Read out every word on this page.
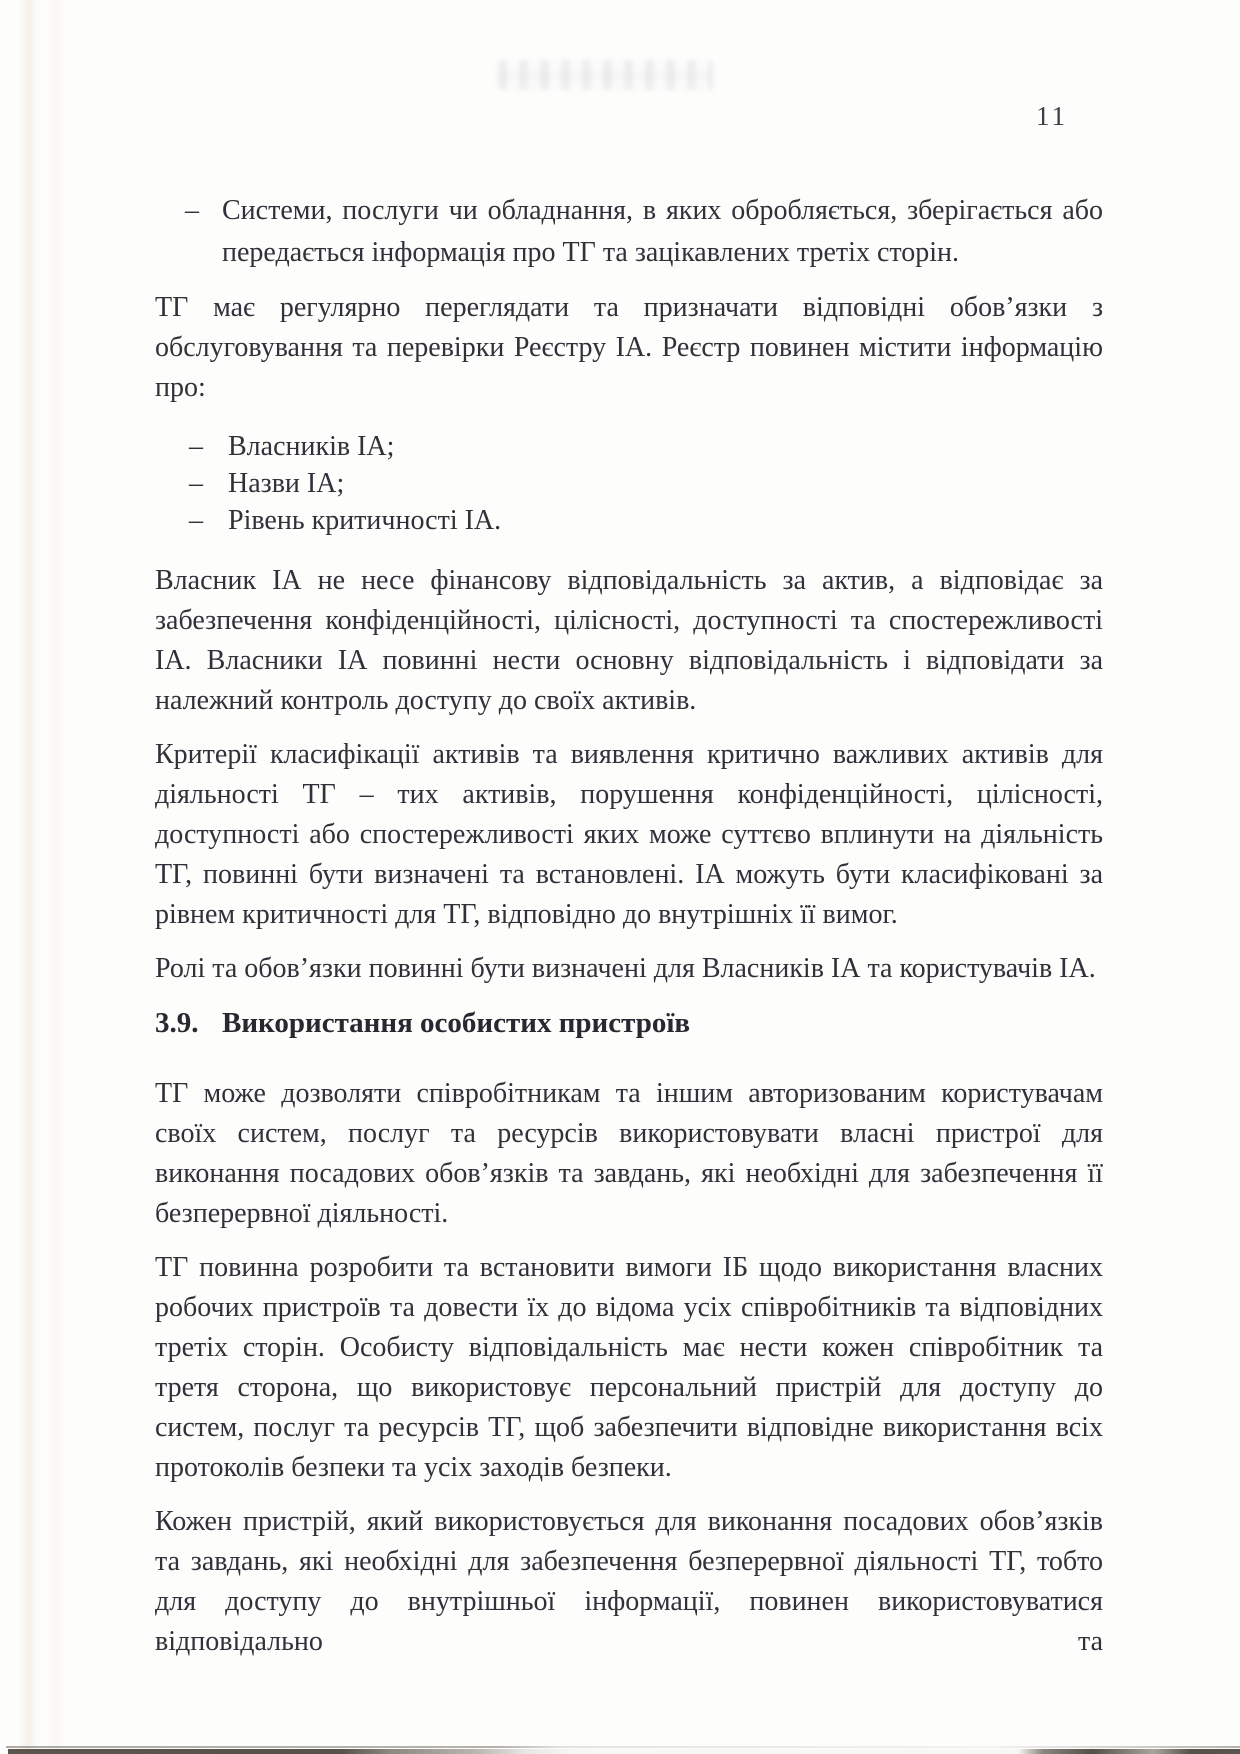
11
– Системи, послуги чи обладнання, в яких обробляється, зберігається або передається інформація про ТГ та зацікавлених третіх сторін.

ТГ має регулярно переглядати та призначати відповідні обов’язки з обслуговування та перевірки Реєстру ІА. Реєстр повинен містити інформацію про:

– Власників ІА;
– Назви ІА;
– Рівень критичності ІА.

Власник ІА не несе фінансову відповідальність за актив, а відповідає за забезпечення конфіденційності, цілісності, доступності та спостережливості ІА. Власники ІА повинні нести основну відповідальність і відповідати за належний контроль доступу до своїх активів.

Критерії класифікації активів та виявлення критично важливих активів для діяльності ТГ – тих активів, порушення конфіденційності, цілісності, доступності або спостережливості яких може суттєво вплинути на діяльність ТГ, повинні бути визначені та встановлені. ІА можуть бути класифіковані за рівнем критичності для ТГ, відповідно до внутрішніх її вимог.

Ролі та обов’язки повинні бути визначені для Власників ІА та користувачів ІА.

3.9. Використання особистих пристроїв

ТГ може дозволяти співробітникам та іншим авторизованим користувачам своїх систем, послуг та ресурсів використовувати власні пристрої для виконання посадових обов’язків та завдань, які необхідні для забезпечення її безперервної діяльності.

ТГ повинна розробити та встановити вимоги ІБ щодо використання власних робочих пристроїв та довести їх до відома усіх співробітників та відповідних третіх сторін. Особисту відповідальність має нести кожен співробітник та третя сторона, що використовує персональний пристрій для доступу до систем, послуг та ресурсів ТГ, щоб забезпечити відповідне використання всіх протоколів безпеки та усіх заходів безпеки.

Кожен пристрій, який використовується для виконання посадових обов’язків та завдань, які необхідні для забезпечення безперервної діяльності ТГ, тобто для доступу до внутрішньої інформації, повинен використовуватися відповідально та
